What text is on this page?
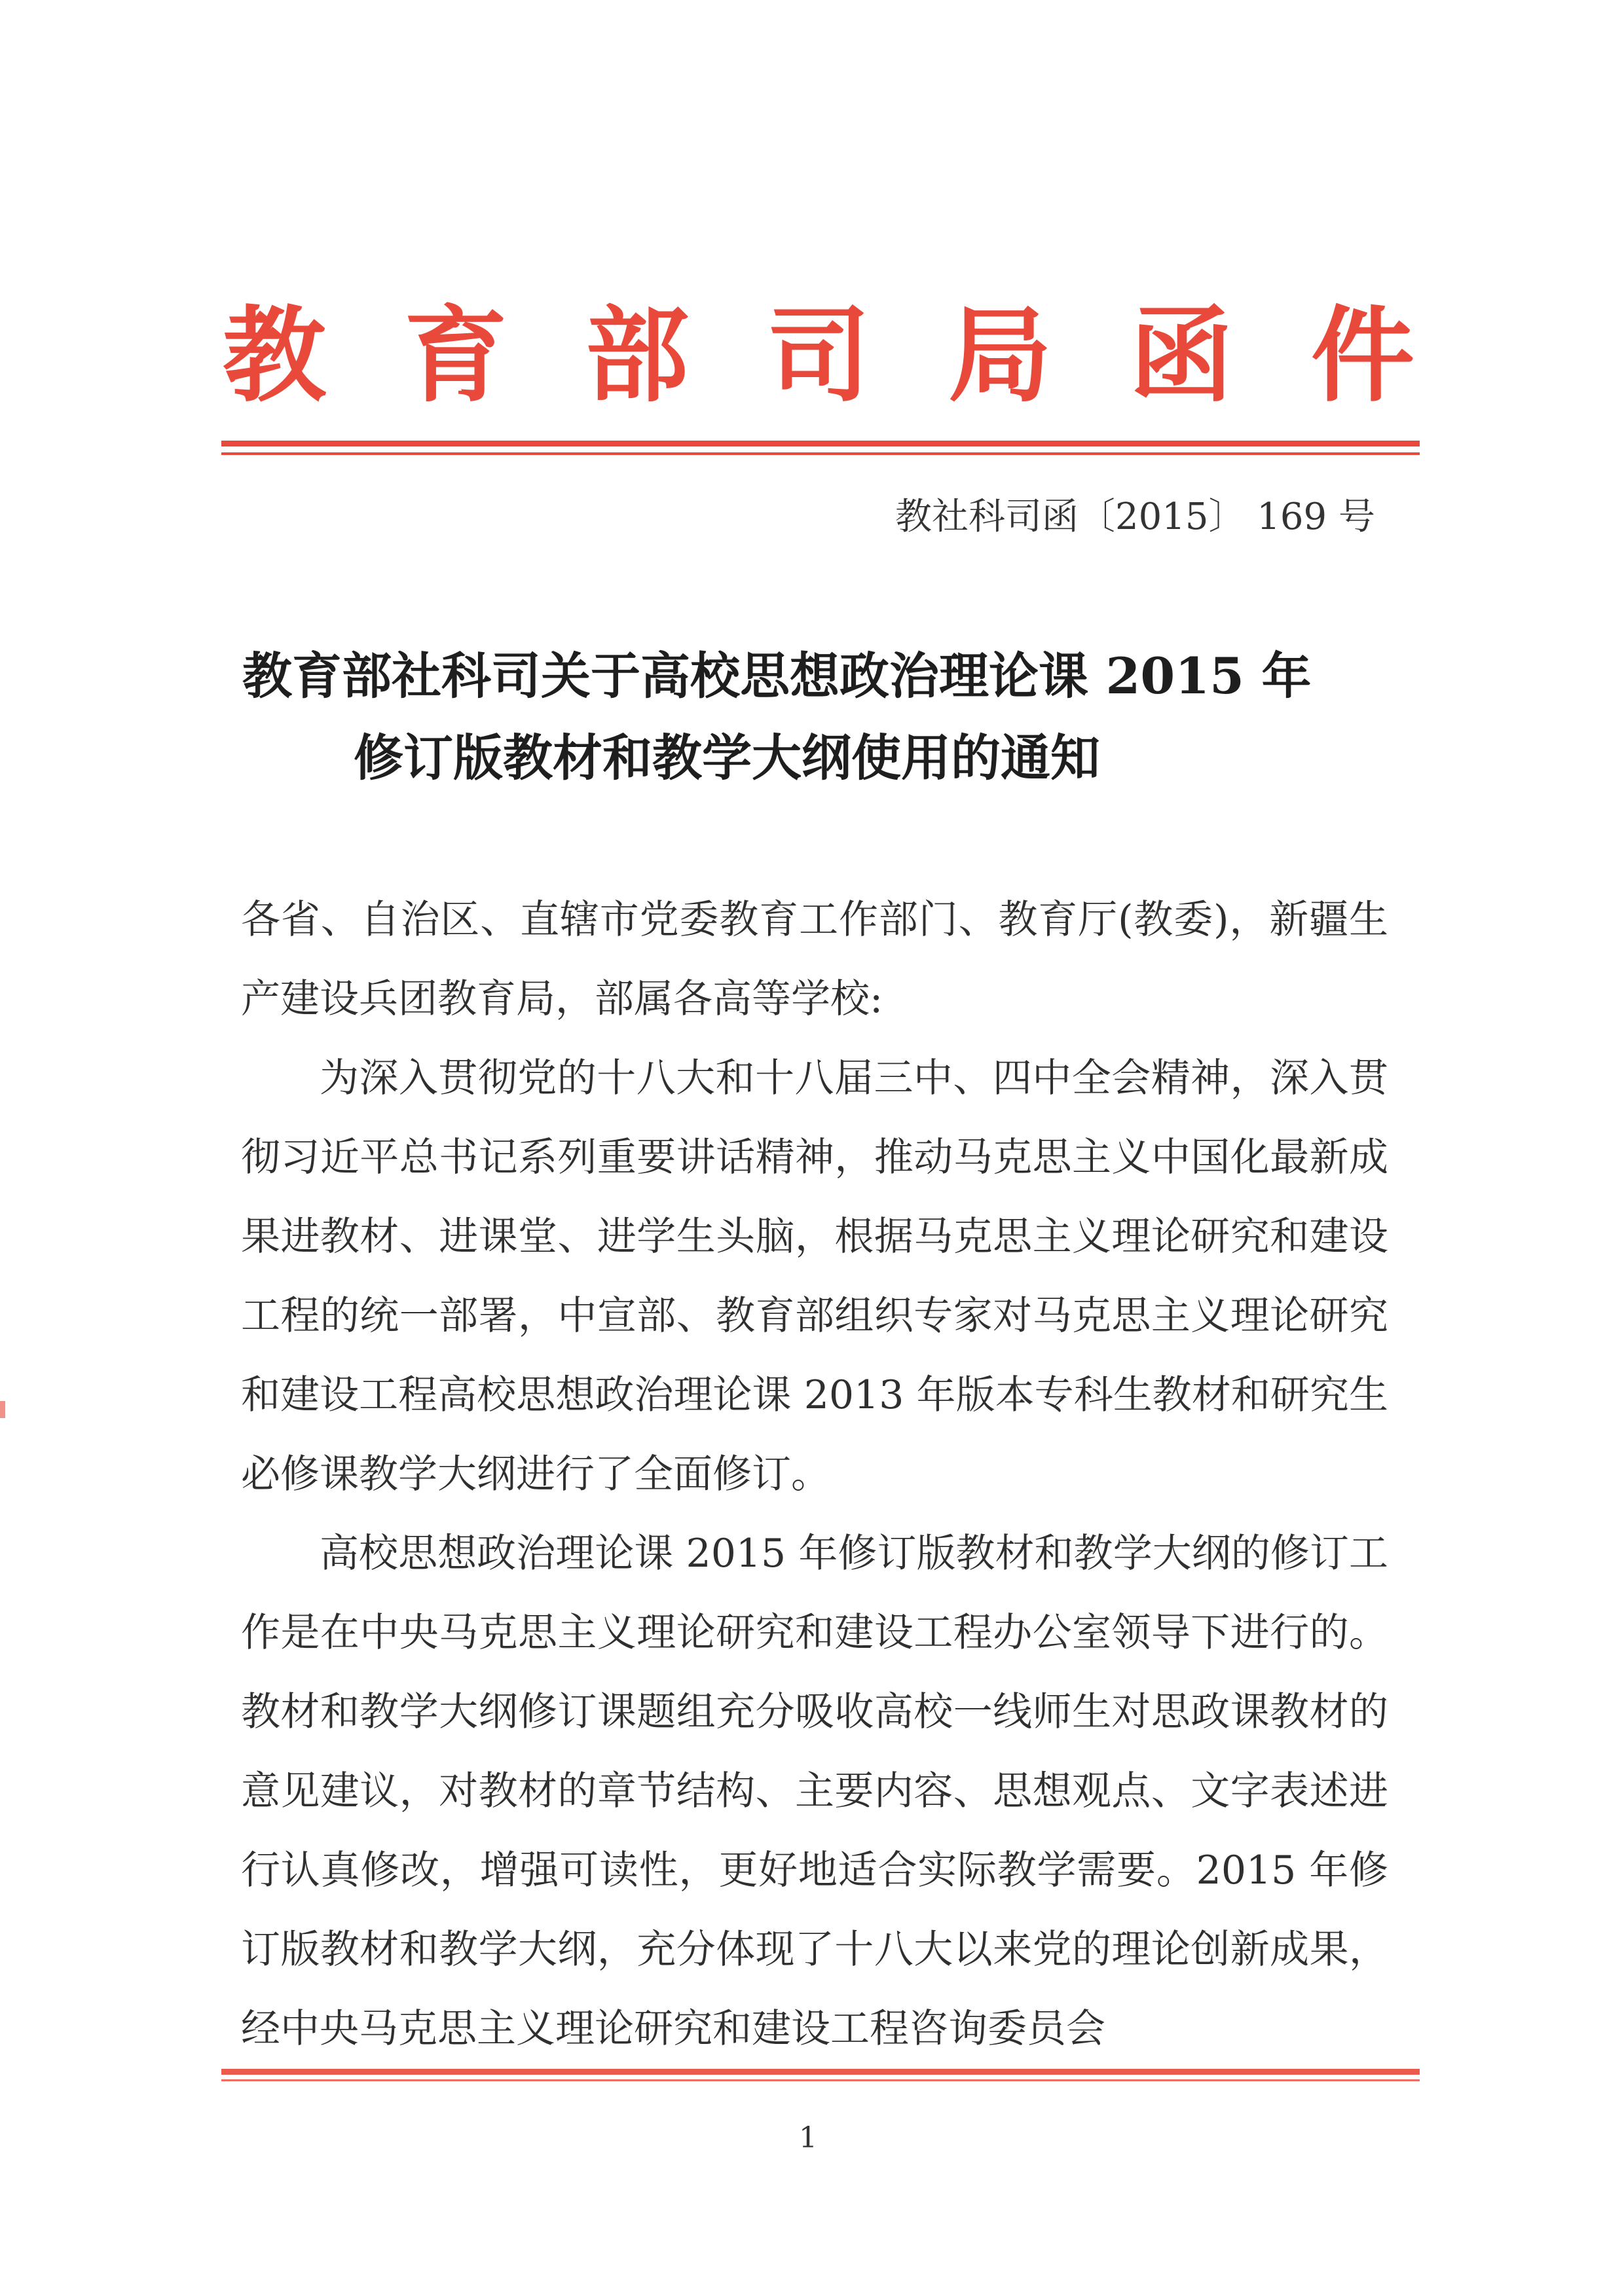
教 育 部 司 局 函 件
教社科司函〔2015〕 169 号
教育部社科司关于高校思想政治理论课 2015 年
修订版教材和教学大纲使用的通知

各省、自治区、直辖市党委教育工作部门、教育厅(教委)，新疆生产建设兵团教育局，部属各高等学校:

为深入贯彻党的十八大和十八届三中、四中全会精神，深入贯彻习近平总书记系列重要讲话精神，推动马克思主义中国化最新成果进教材、进课堂、进学生头脑，根据马克思主义理论研究和建设工程的统一部署，中宣部、教育部组织专家对马克思主义理论研究和建设工程高校思想政治理论课 2013 年版本专科生教材和研究生必修课教学大纲进行了全面修订。

高校思想政治理论课 2015 年修订版教材和教学大纲的修订工作是在中央马克思主义理论研究和建设工程办公室领导下进行的。教材和教学大纲修订课题组充分吸收高校一线师生对思政课教材的意见建议，对教材的章节结构、主要内容、思想观点、文字表述进行认真修改，增强可读性，更好地适合实际教学需要。2015 年修订版教材和教学大纲，充分体现了十八大以来党的理论创新成果，经中央马克思主义理论研究和建设工程咨询委员会

1
